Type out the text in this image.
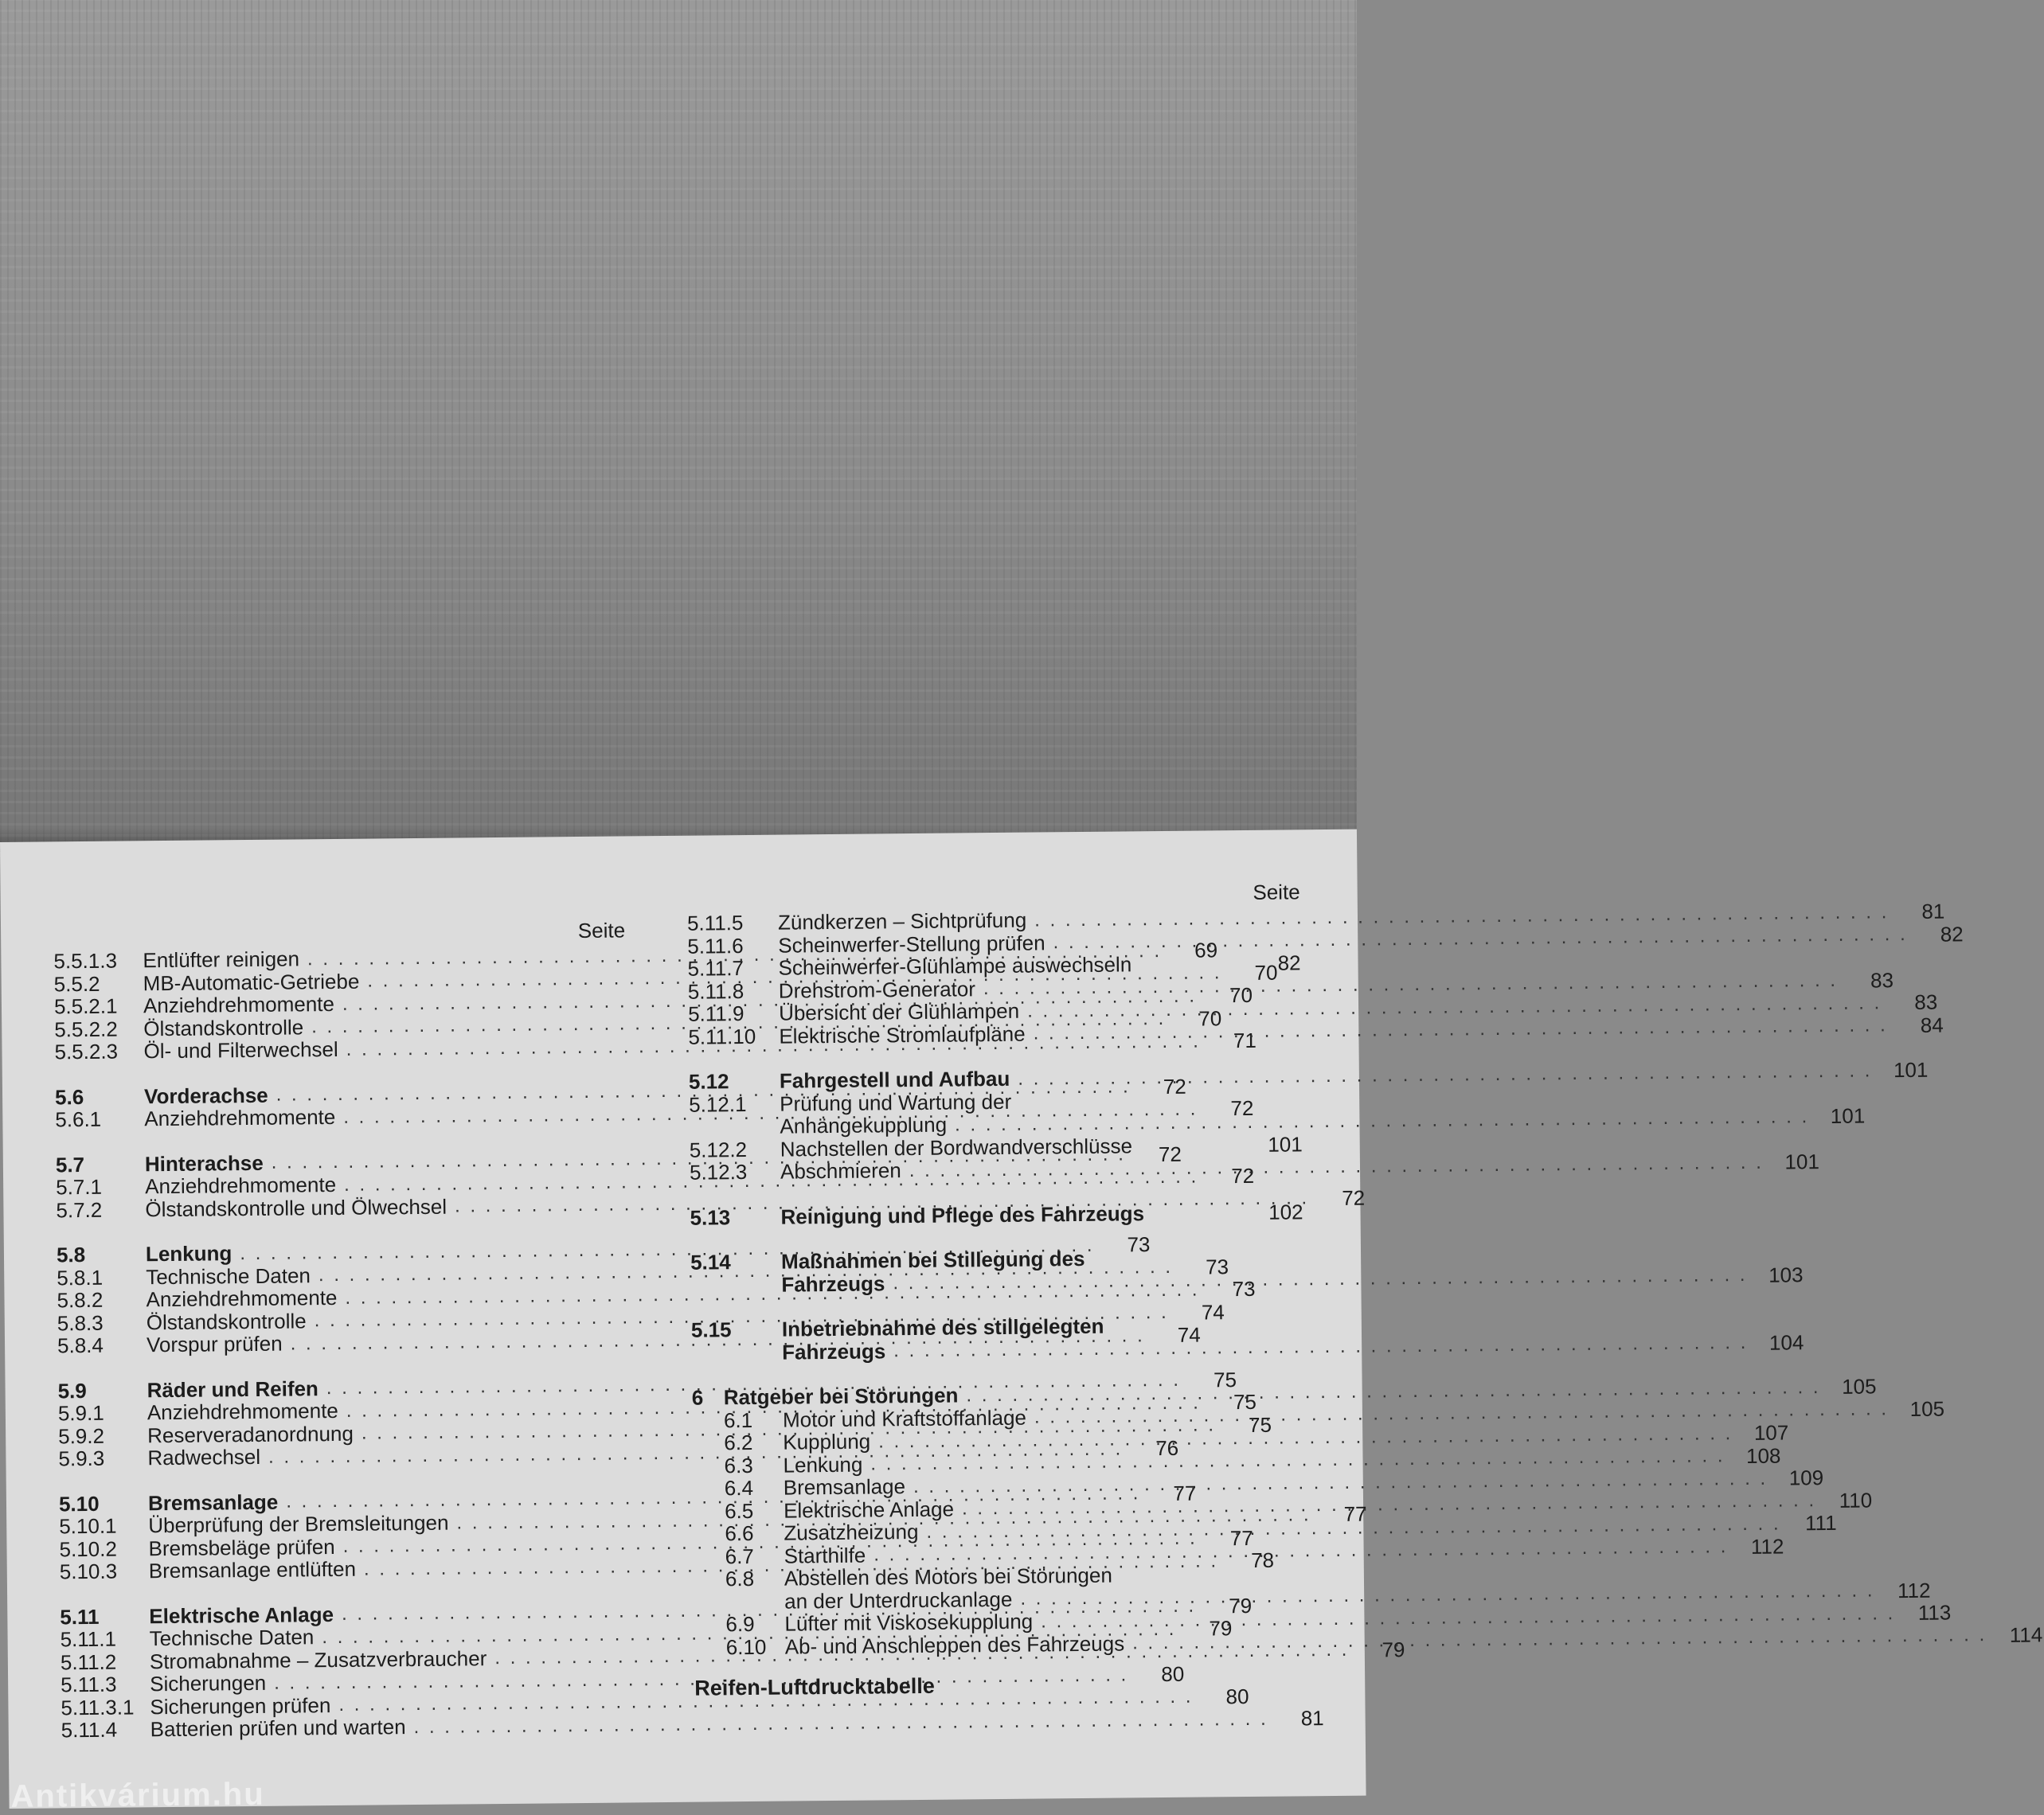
Seite
5.5.1.3	Entlüfter reinigen . . .	69
5.5.2	MB-Automatic-Getriebe . . .	70
5.5.2.1	Anziehdrehmomente . . .	70
5.5.2.2	Ölstandskontrolle . . .	70
5.5.2.3	Öl- und Filterwechsel . . .	71
5.6	Vorderachse . . .	72
5.6.1	Anziehdrehmomente . . .	72
5.7	Hinterachse . . .	72
5.7.1	Anziehdrehmomente . . .	72
5.7.2	Ölstandskontrolle und Ölwechsel . . .	72
5.8	Lenkung . . .	73
5.8.1	Technische Daten . . .	73
5.8.2	Anziehdrehmomente . . .	73
5.8.3	Ölstandskontrolle . . .	74
5.8.4	Vorspur prüfen . . .	74
5.9	Räder und Reifen . . .	75
5.9.1	Anziehdrehmomente . . .	75
5.9.2	Reserveradanordnung . . .	75
5.9.3	Radwechsel . . .	76
5.10	Bremsanlage . . .	77
5.10.1	Überprüfung der Bremsleitungen . . .	77
5.10.2	Bremsbeläge prüfen . . .	77
5.10.3	Bremsanlage entlüften . . .	78
5.11	Elektrische Anlage . . .	79
5.11.1	Technische Daten . . .	79
5.11.2	Stromabnahme – Zusatzverbraucher . . .	79
5.11.3	Sicherungen . . .	80
5.11.3.1 Sicherungen prüfen . . .	80
5.11.4	Batterien prüfen und warten . . .	81
Seite
5.11.5	Zündkerzen – Sichtprüfung . . .	81
5.11.6	Scheinwerfer-Stellung prüfen . . .	82
5.11.7	Scheinwerfer-Glühlampe auswechseln	82
5.11.8	Drehstrom-Generator . . .	83
5.11.9	Übersicht der Glühlampen . . .	83
5.11.10	Elektrische Stromlaufpläne . . .	84
5.12	Fahrgestell und Aufbau . . .	101
5.12.1	Prüfung und Wartung der
Anhängekupplung . . .	101
5.12.2	Nachstellen der Bordwandverschlüsse	101
5.12.3	Abschmieren . . .	101
5.13	Reinigung und Pflege des Fahrzeugs	102
5.14	Maßnahmen bei Stillegung des
Fahrzeugs . . .	103
5.15	Inbetriebnahme des stillgelegten
Fahrzeugs . . .	104
6 Ratgeber bei Störungen . . .	105
6.1	Motor und Kraftstoffanlage . . .	105
6.2	Kupplung . . .	107
6.3	Lenkung . . .	108
6.4	Bremsanlage . . .	109
6.5	Elektrische Anlage . . .	110
6.6	Zusatzheizung . . .	111
6.7	Starthilfe . . .	112
6.8	Abstellen des Motors bei Störungen
an der Unterdruckanlage . . .	112
6.9	Lüfter mit Viskosekupplung . . .	113
6.10 Ab- und Anschleppen des Fahrzeugs . . .	114
Reifen-Luftdrucktabelle
Antikvárium.hu
